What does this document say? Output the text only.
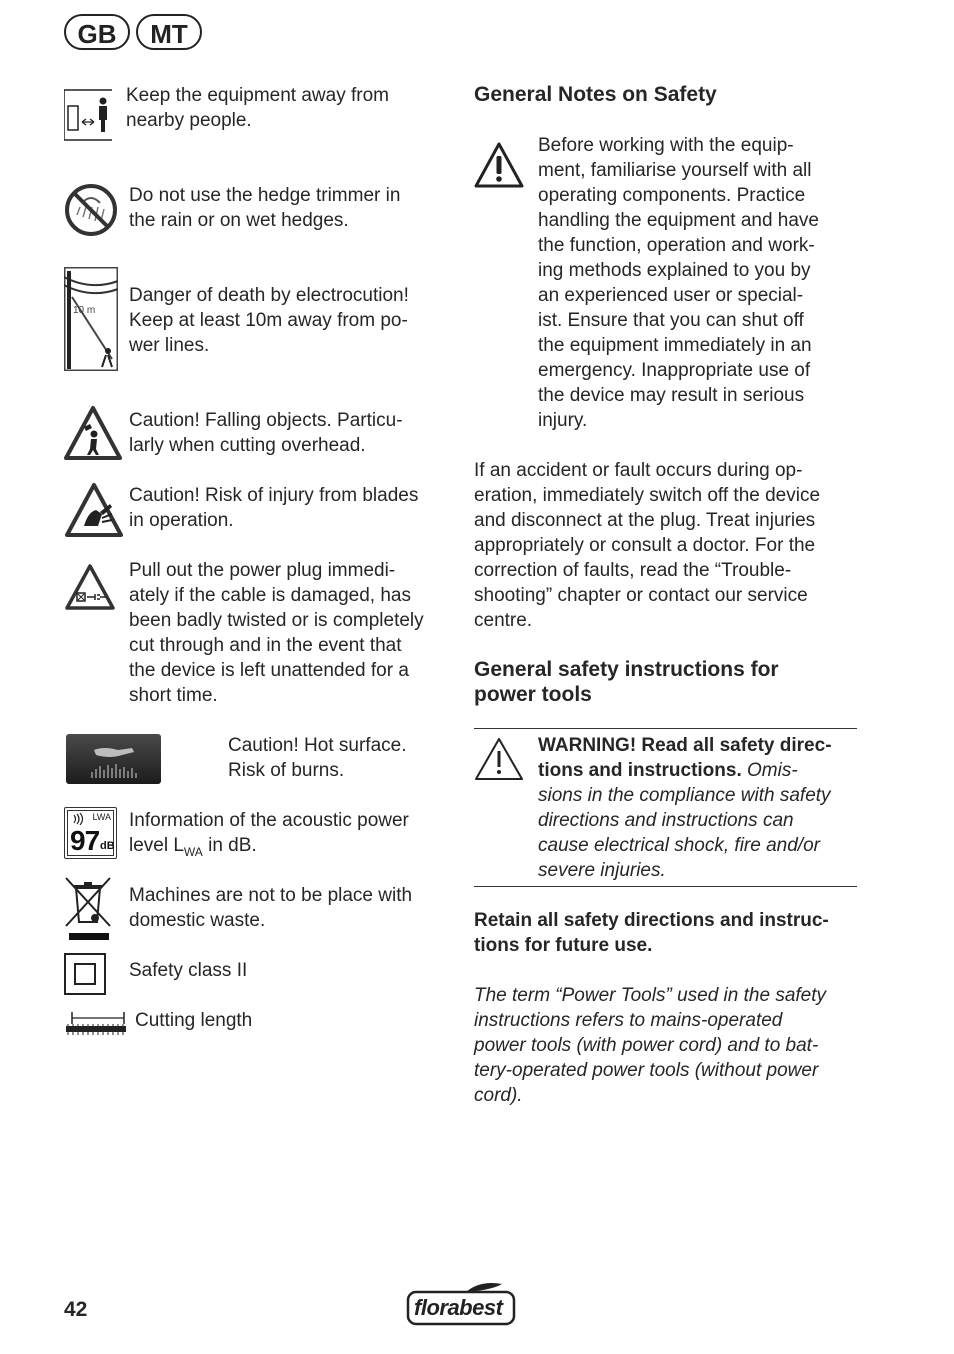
GB	MT
Keep the equipment away from
nearby people.
Do not use the hedge trimmer in
the rain or on wet hedges.
10 m
Danger of death by electrocution!
Keep at least 10m away from po-
wer lines.
Caution! Falling objects. Particu-
larly when cutting overhead.
Caution! Risk of injury from blades
in operation.
Pull out the power plug immedi-
ately if the cable is damaged, has
been badly twisted or is completely
cut through and in the event that
the device is left unattended for a
short time.
Caution! Hot surface.
Risk of burns.
LWA
97 dB
Information of the acoustic power
level $L_{WA}$ in dB.
Machines are not to be place with
domestic waste.
Safety class II
Cutting length
General Notes on Safety
Before working with the equip-
ment, familiarise yourself with all
operating components. Practice
handling the equipment and have
the function, operation and work-
ing methods explained to you by
an experienced user or special-
ist. Ensure that you can shut off
the equipment immediately in an
emergency. Inappropriate use of
the device may result in serious
injury.
If an accident or fault occurs during op-
eration, immediately switch off the device
and disconnect at the plug. Treat injuries
appropriately or consult a doctor. For the
correction of faults, read the “Trouble-
shooting” chapter or contact our service
centre.
General safety instructions for
power tools
WARNING! Read all safety direc-
tions and instructions. Omis-
sions in the compliance with safety
directions and instructions can
cause electrical shock, fire and/or
severe injuries.
Retain all safety directions and instruc-
tions for future use.
The term “Power Tools” used in the safety
instructions refers to mains-operated
power tools (with power cord) and to bat-
tery-operated power tools (without power
cord).
42	florabest
